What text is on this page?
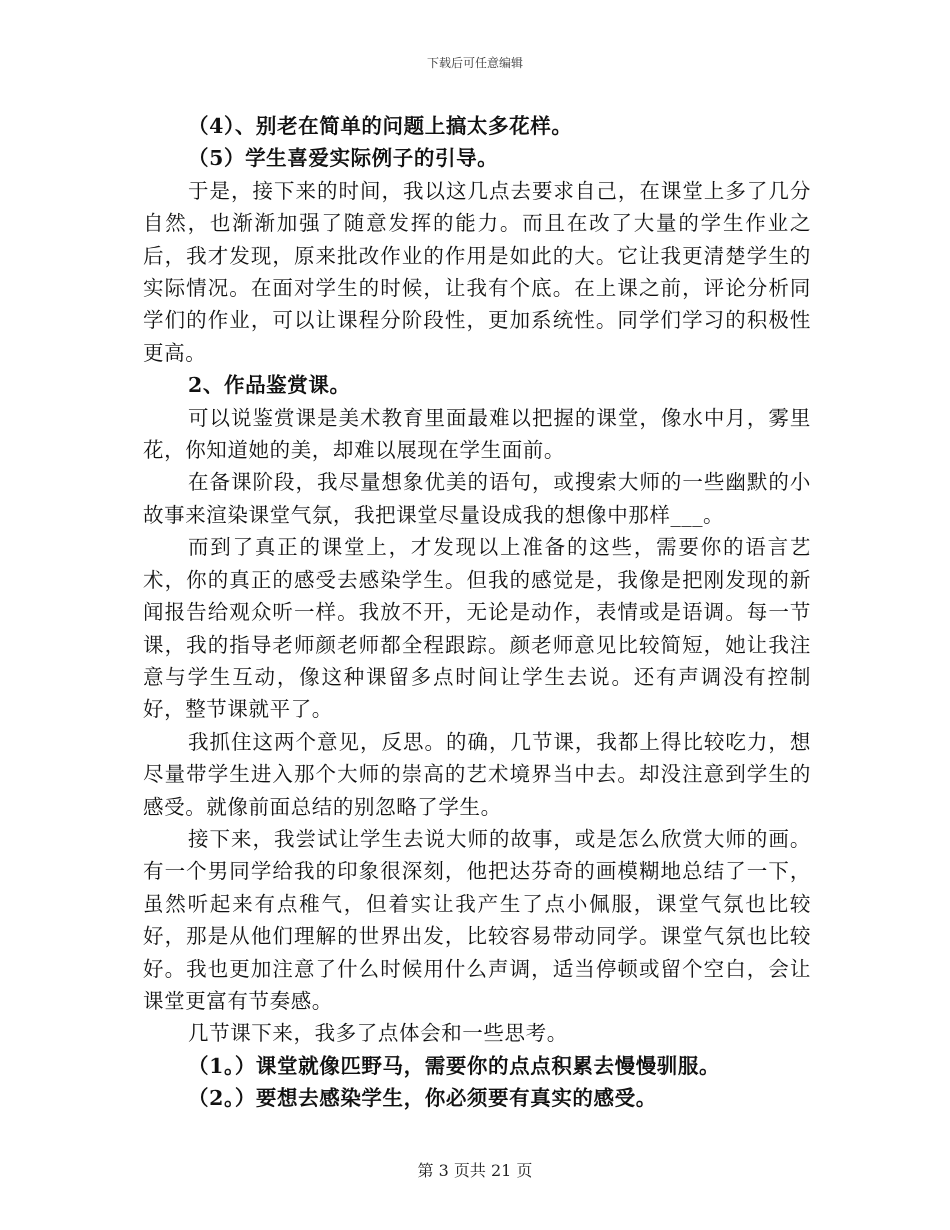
下载后可任意编辑

（4）、别老在简单的问题上搞太多花样。

（5）学生喜爱实际例子的引导。

于是，接下来的时间，我以这几点去要求自己，在课堂上多了几分自然，也渐渐加强了随意发挥的能力。而且在改了大量的学生作业之后，我才发现，原来批改作业的作用是如此的大。它让我更清楚学生的实际情况。在面对学生的时候，让我有个底。在上课之前，评论分析同学们的作业，可以让课程分阶段性，更加系统性。同学们学习的积极性更高。

2、作品鉴赏课。

可以说鉴赏课是美术教育里面最难以把握的课堂，像水中月，雾里花，你知道她的美，却难以展现在学生面前。

在备课阶段，我尽量想象优美的语句，或搜索大师的一些幽默的小故事来渲染课堂气氛，我把课堂尽量设成我的想像中那样___。

而到了真正的课堂上，才发现以上准备的这些，需要你的语言艺术，你的真正的感受去感染学生。但我的感觉是，我像是把刚发现的新闻报告给观众听一样。我放不开，无论是动作，表情或是语调。每一节课，我的指导老师颜老师都全程跟踪。颜老师意见比较简短，她让我注意与学生互动，像这种课留多点时间让学生去说。还有声调没有控制好，整节课就平了。

我抓住这两个意见，反思。的确，几节课，我都上得比较吃力，想尽量带学生进入那个大师的崇高的艺术境界当中去。却没注意到学生的感受。就像前面总结的别忽略了学生。

接下来，我尝试让学生去说大师的故事，或是怎么欣赏大师的画。有一个男同学给我的印象很深刻，他把达芬奇的画模糊地总结了一下，虽然听起来有点稚气，但着实让我产生了点小佩服，课堂气氛也比较好，那是从他们理解的世界出发，比较容易带动同学。课堂气氛也比较好。我也更加注意了什么时候用什么声调，适当停顿或留个空白，会让课堂更富有节奏感。

几节课下来，我多了点体会和一些思考。

（1。）课堂就像匹野马，需要你的点点积累去慢慢驯服。

（2。）要想去感染学生，你必须要有真实的感受。

第 3 页共 21 页
